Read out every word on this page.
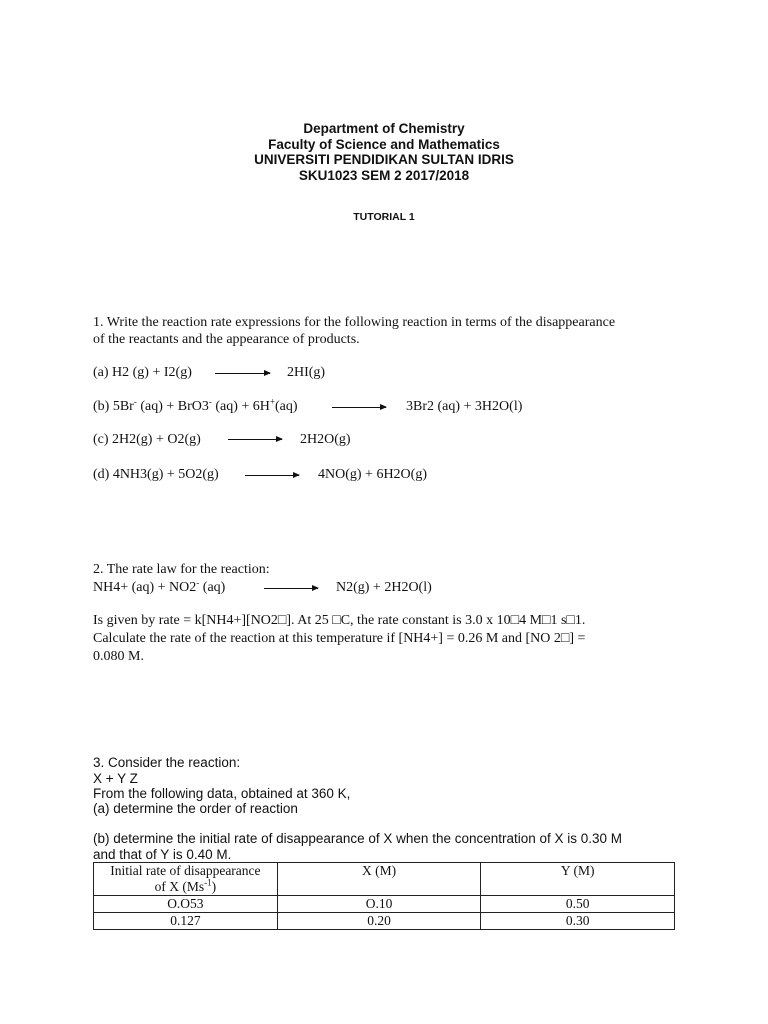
Department of Chemistry
Faculty of Science and Mathematics
UNIVERSITI PENDIDIKAN SULTAN IDRIS
SKU1023 SEM 2 2017/2018
TUTORIAL 1
1. Write the reaction rate expressions for the following reaction in terms of the disappearance
of the reactants and the appearance of products.
(a) H2 (g) + I2(g)	2HI(g)
(b) 5Br- (aq) + BrO3- (aq) + 6H+(aq)	3Br2 (aq) + 3H2O(l)
(c) 2H2(g) + O2(g)	2H2O(g)
(d) 4NH3(g) + 5O2(g)	4NO(g) + 6H2O(g)
2. The rate law for the reaction:
NH4+ (aq) + NO2- (aq)	N2(g) + 2H2O(l)
Is given by rate = k[NH4+][NO2□]. At 25 □C, the rate constant is 3.0 x 10□4 M□1 s□1.
Calculate the rate of the reaction at this temperature if [NH4+] = 0.26 M and [NO 2□] =
0.080 M.
3. Consider the reaction:
X + Y Z
From the following data, obtained at 360 K,
(a) determine the order of reaction
(b) determine the initial rate of disappearance of X when the concentration of X is 0.30 M
and that of Y is 0.40 M.
Initial rate of disappearance
of X $(Ms^{-1})$	X (M)	Y (M)
O.O53	O.10	0.50
0.127	0.20	0.30
